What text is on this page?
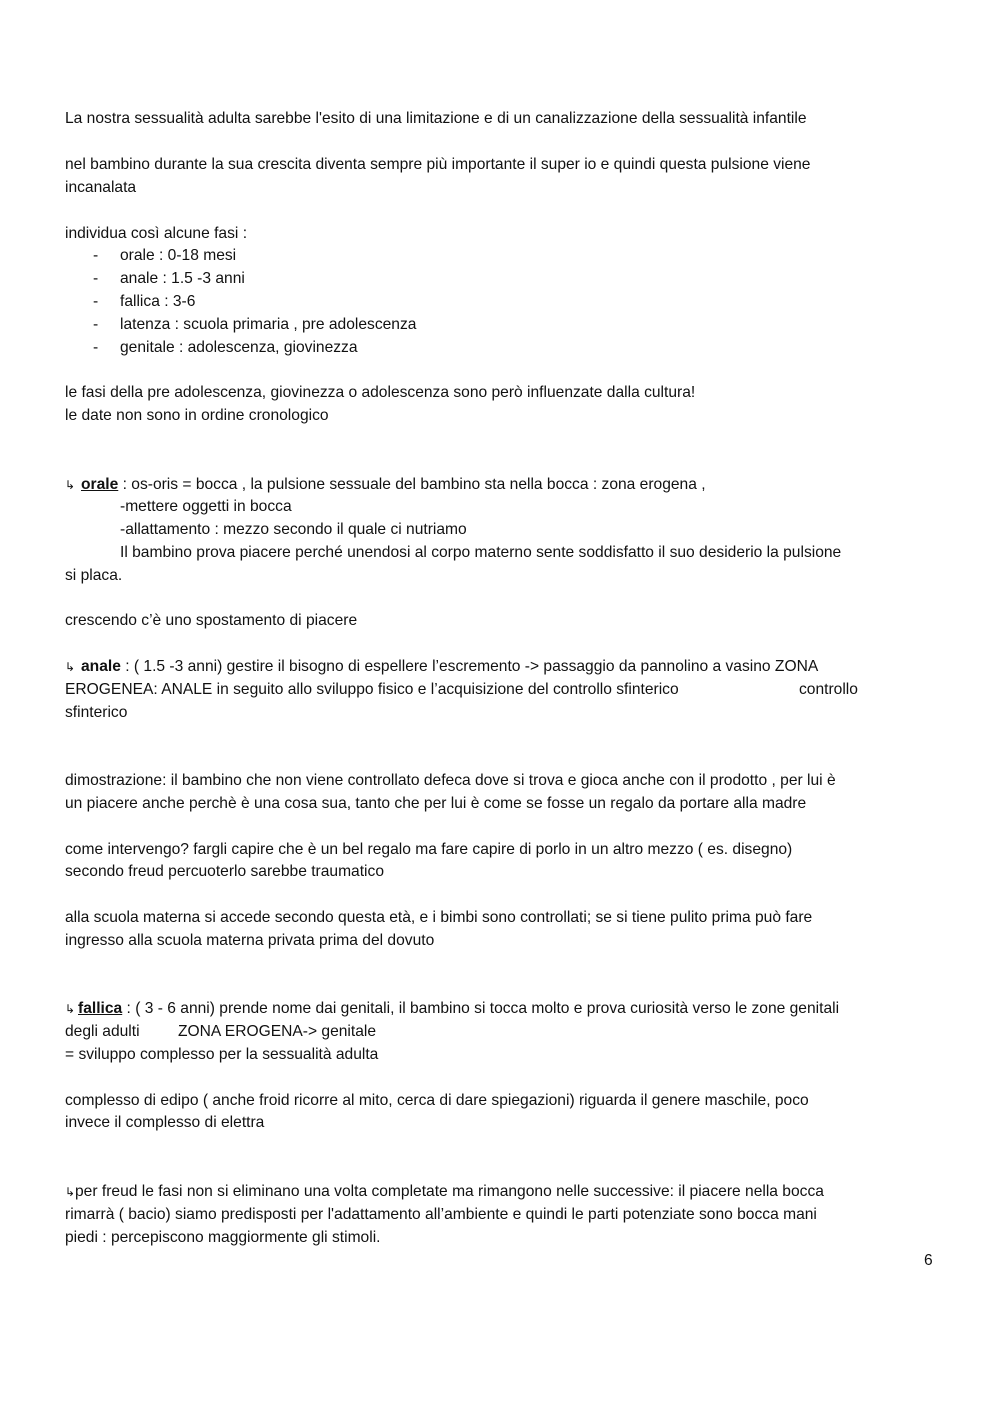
La nostra sessualità adulta sarebbe l'esito di una limitazione e di un canalizzazione della sessualità infantile
nel bambino durante la sua crescita diventa sempre più importante il super io e quindi questa pulsione viene
incanalata
individua così alcune fasi :
- orale : 0-18 mesi
- anale : 1.5 -3 anni
- fallica : 3-6
- latenza : scuola primaria , pre adolescenza
- genitale : adolescenza, giovinezza
le fasi della pre adolescenza, giovinezza o adolescenza sono però influenzate dalla cultura!
le date non sono in ordine cronologico
↳ orale : os-oris = bocca , la pulsione sessuale del bambino sta nella bocca : zona erogena ,
-mettere oggetti in bocca
-allattamento : mezzo secondo il quale ci nutriamo
Il bambino prova piacere perché unendosi al corpo materno sente soddisfatto il suo desiderio la pulsione
si placa.
crescendo c’è uno spostamento di piacere
↳ anale : ( 1.5 -3 anni) gestire il bisogno di espellere l’escremento -> passaggio da pannolino a vasino ZONA
EROGENEA: ANALE in seguito allo sviluppo fisico e l’acquisizione del controllo sfinterico	controllo
sfinterico
dimostrazione: il bambino che non viene controllato defeca dove si trova e gioca anche con il prodotto , per lui è
un piacere anche perchè è una cosa sua, tanto che per lui è come se fosse un regalo da portare alla madre
come intervengo? fargli capire che è un bel regalo ma fare capire di porlo in un altro mezzo ( es. disegno)
secondo freud percuoterlo sarebbe traumatico
alla scuola materna si accede secondo questa età, e i bimbi sono controllati; se si tiene pulito prima può fare
ingresso alla scuola materna privata prima del dovuto
↳ fallica : ( 3 - 6 anni) prende nome dai genitali, il bambino si tocca molto e prova curiosità verso le zone genitali
degli adulti ZONA EROGENA-> genitale
= sviluppo complesso per la sessualità adulta
complesso di edipo ( anche froid ricorre al mito, cerca di dare spiegazioni) riguarda il genere maschile, poco
invece il complesso di elettra
↳per freud le fasi non si eliminano una volta completate ma rimangono nelle successive: il piacere nella bocca
rimarrà ( bacio) siamo predisposti per l'adattamento all’ambiente e quindi le parti potenziate sono bocca mani
piedi : percepiscono maggiormente gli stimoli.
6
